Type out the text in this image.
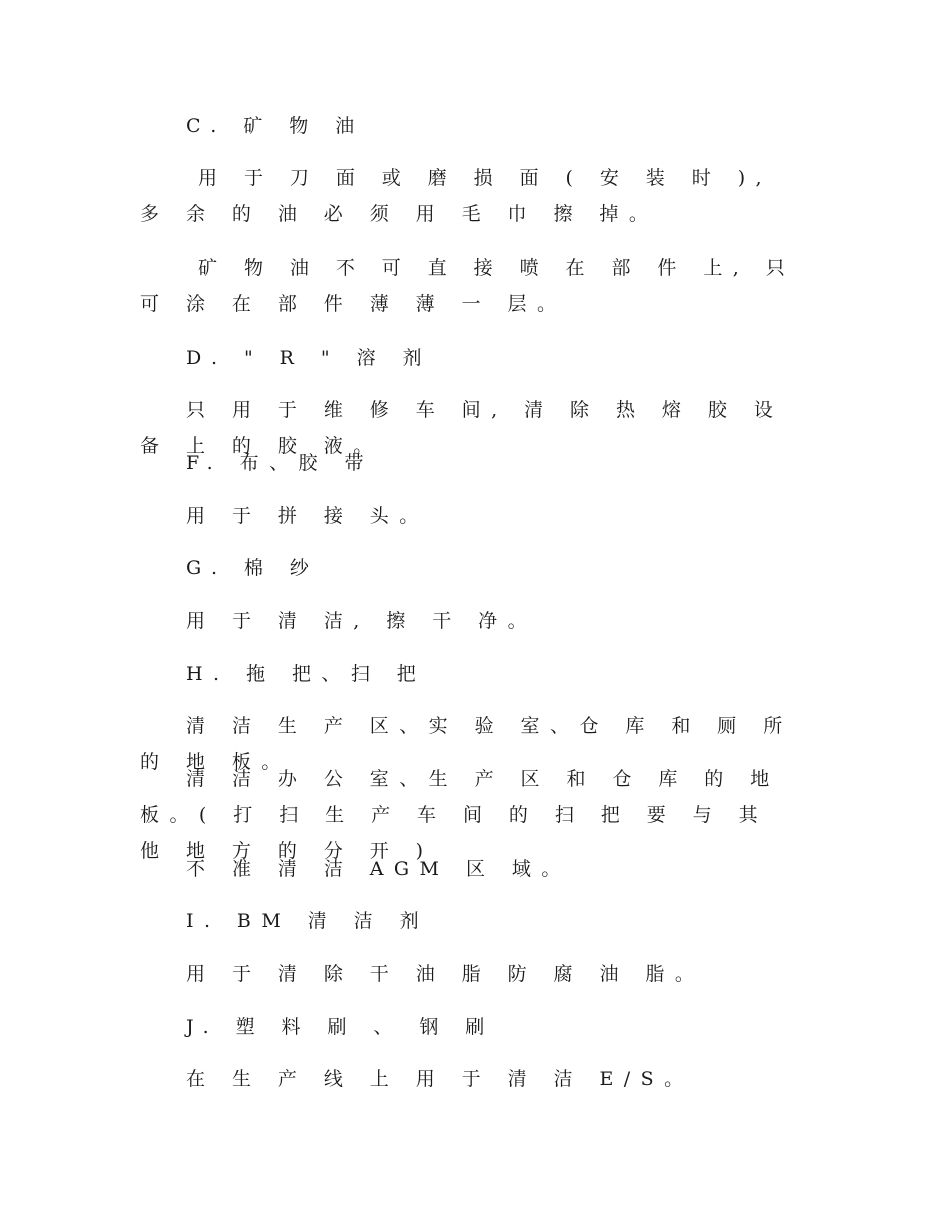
C. 矿 物 油

用 于 刀 面 或 磨 损 面 ( 安 装 时 ), 多 余 的 油 必 须 用 毛 巾 擦 掉。

矿 物 油 不 可 直 接 喷 在 部 件 上, 只 可 涂 在 部 件 薄 薄 一 层。

D. " R " 溶 剂

只 用 于 维 修 车 间, 清 除 热 熔 胶 设 备 上 的 胶 液。

F. 布、胶 带

用 于 拼 接 头。

G. 棉 纱

用 于 清 洁, 擦 干 净。

H. 拖 把、扫 把

清 洁 生 产 区、实 验 室、仓 库 和 厕 所 的 地 板。

清 洁 办 公 室、生 产 区 和 仓 库 的 地 板。( 打 扫 生 产 车 间 的 扫 把 要 与 其 他 地 方 的 分 开 )

不 准 清 洁 AGM 区 域。

I. BM 清 洁 剂

用 于 清 除 干 油 脂 防 腐 油 脂。

J. 塑 料 刷 、 钢 刷

在 生 产 线 上 用 于 清 洁 E/S。
